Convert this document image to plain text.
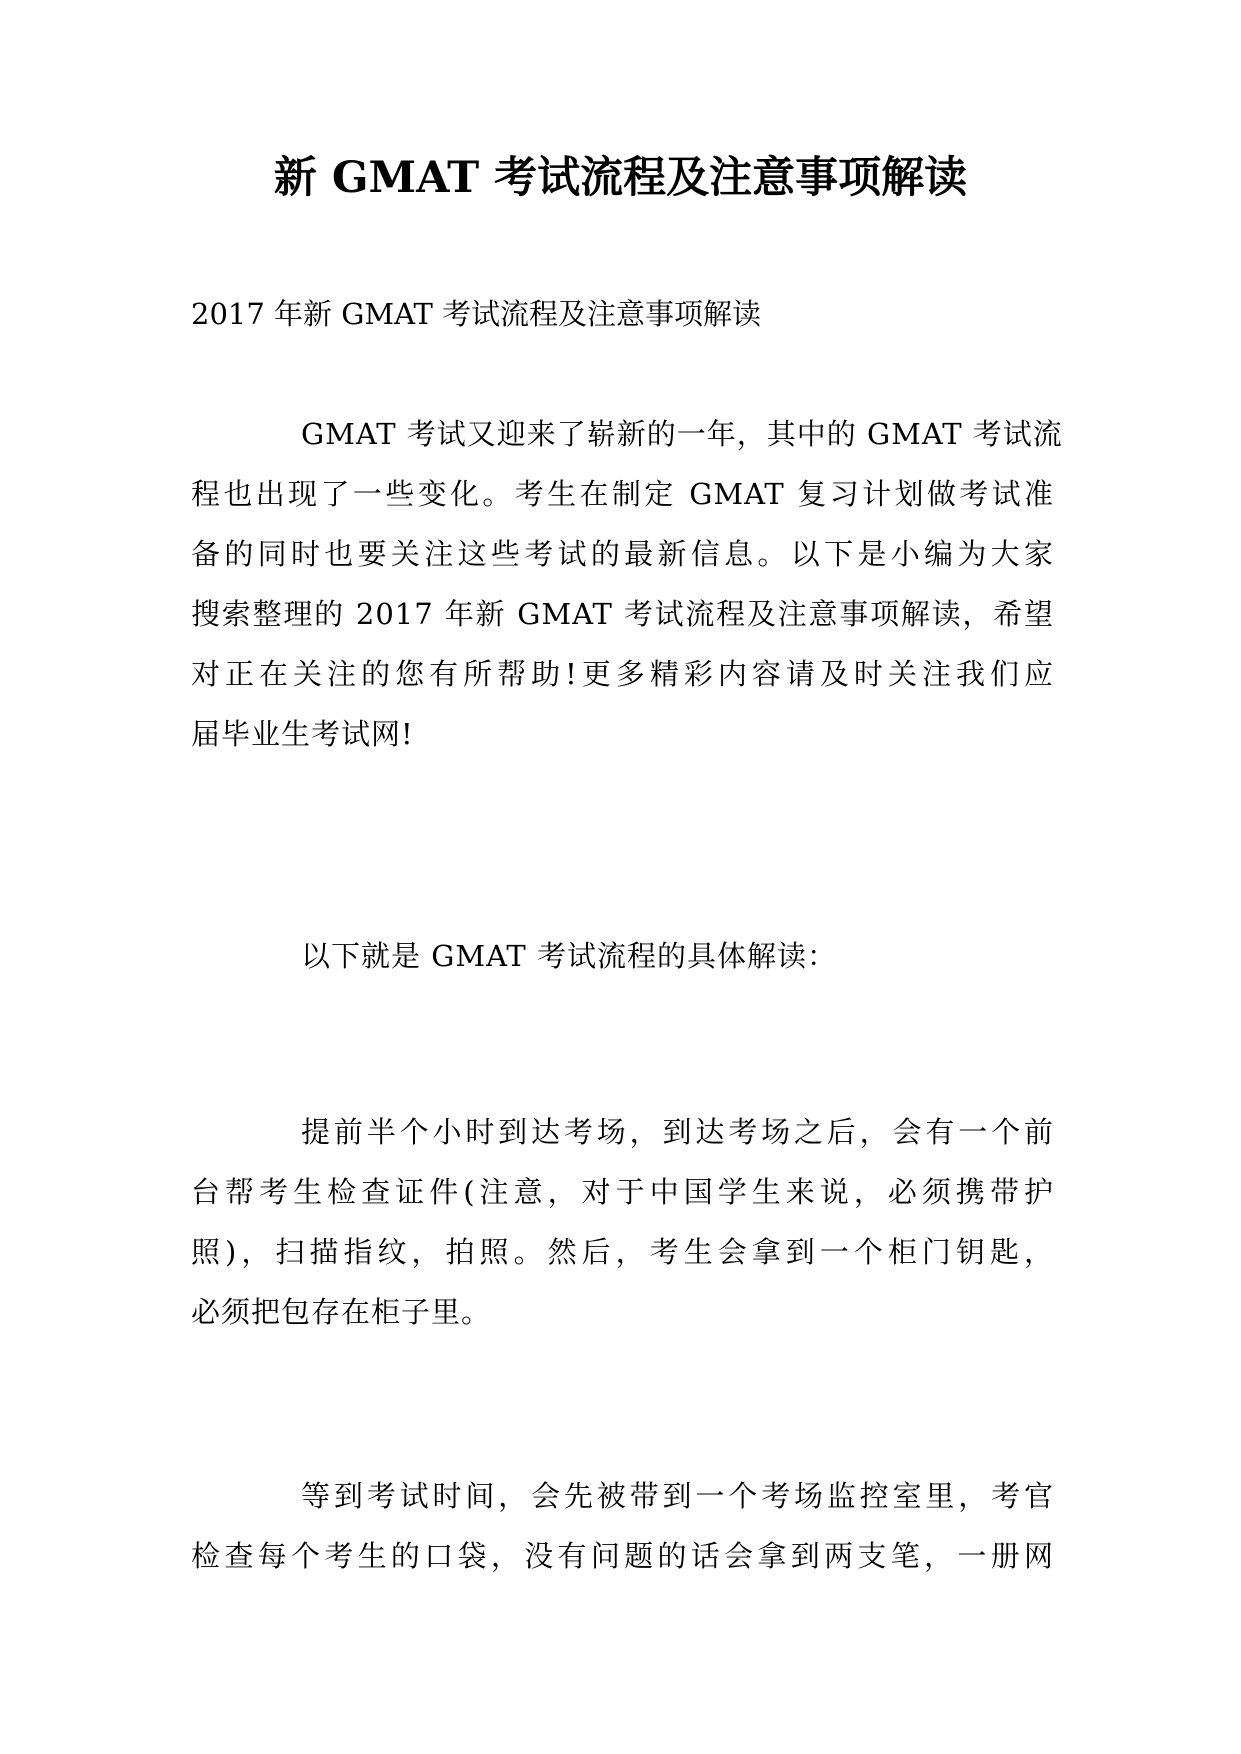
新 GMAT 考试流程及注意事项解读
2017 年新 GMAT 考试流程及注意事项解读
GMAT 考试又迎来了崭新的一年，其中的 GMAT 考试流
程也出现了一些变化。考生在制定 GMAT 复习计划做考试准
备的同时也要关注这些考试的最新信息。以下是小编为大家
搜索整理的 2017 年新 GMAT 考试流程及注意事项解读，希望
对正在关注的您有所帮助!更多精彩内容请及时关注我们应
届毕业生考试网!
以下就是 GMAT 考试流程的具体解读：
提前半个小时到达考场，到达考场之后，会有一个前
台帮考生检查证件(注意，对于中国学生来说，必须携带护
照)，扫描指纹，拍照。然后，考生会拿到一个柜门钥匙，
必须把包存在柜子里。
等到考试时间，会先被带到一个考场监控室里，考官
检查每个考生的口袋，没有问题的话会拿到两支笔，一册网
